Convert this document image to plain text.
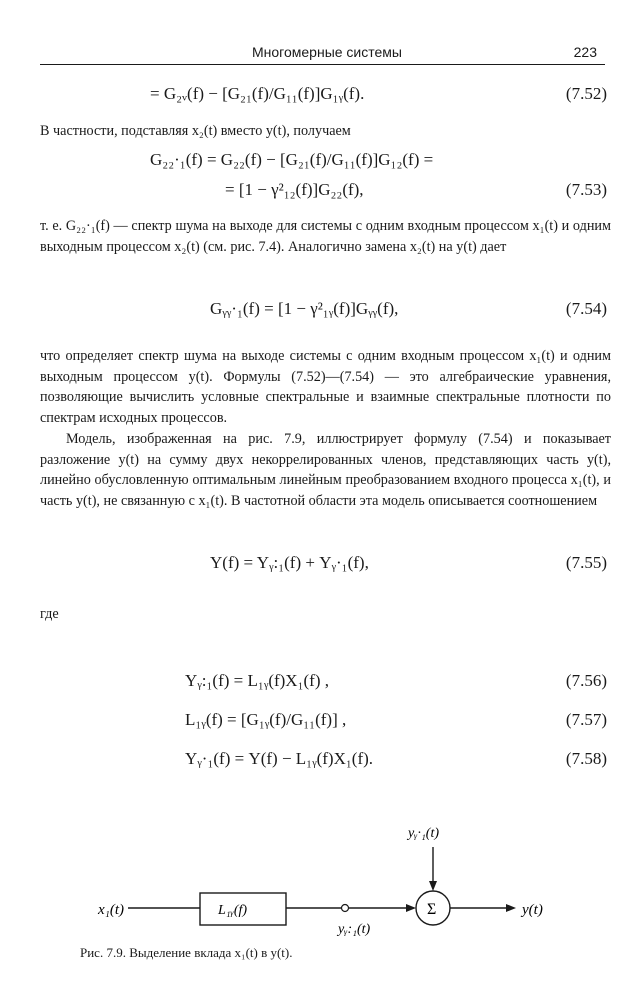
Многомерные системы	223
= G₂ᵥ(f) − [G₂₁(f)/G₁₁(f)]G₁ᵧ(f).	(7.52)
В частности, подставляя x₂(t) вместо y(t), получаем
G₂₂·₁(f) = G₂₂(f) − [G₂₁(f)/G₁₁(f)]G₁₂(f) =
= [1 − γ²₁₂(f)]G₂₂(f),	(7.53)
т. е. G₂₂·₁(f) — спектр шума на выходе для системы с одним входным процессом x₁(t) и одним выходным процессом x₂(t) (см. рис. 7.4). Аналогично замена x₂(t) на y(t) дает
Gᵧᵧ·₁(f) = [1 − γ²₁ᵧ(f)]Gᵧᵧ(f),	(7.54)
что определяет спектр шума на выходе системы с одним входным процессом x₁(t) и одним выходным процессом y(t). Формулы (7.52)—(7.54) — это алгебраические уравнения, позволяющие вычислить условные спектральные и взаимные спектральные плотности по спектрам исходных процессов.
Модель, изображенная на рис. 7.9, иллюстрирует формулу (7.54) и показывает разложение y(t) на сумму двух некоррелированных членов, представляющих часть y(t), линейно обусловленную оптимальным линейным преобразованием входного процесса x₁(t), и часть y(t), не связанную с x₁(t). В частотной области эта модель описывается соотношением
Y(f) = Yᵧ:₁(f) + Yᵧ·₁(f),	(7.55)
где
Yᵧ:₁(f) = L₁ᵧ(f)X₁(f) ,	(7.56)
L₁ᵧ(f) = [G₁ᵧ(f)/G₁₁(f)] ,	(7.57)
Yᵧ·₁(f) = Y(f) − L₁ᵧ(f)X₁(f).	(7.58)
x₁(t)	L₁ᵧ(f)
yᵧ·₁(t)
Σ
yᵧ:₁(t)
y(t)
Рис. 7.9. Выделение вклада x₁(t) в y(t).
